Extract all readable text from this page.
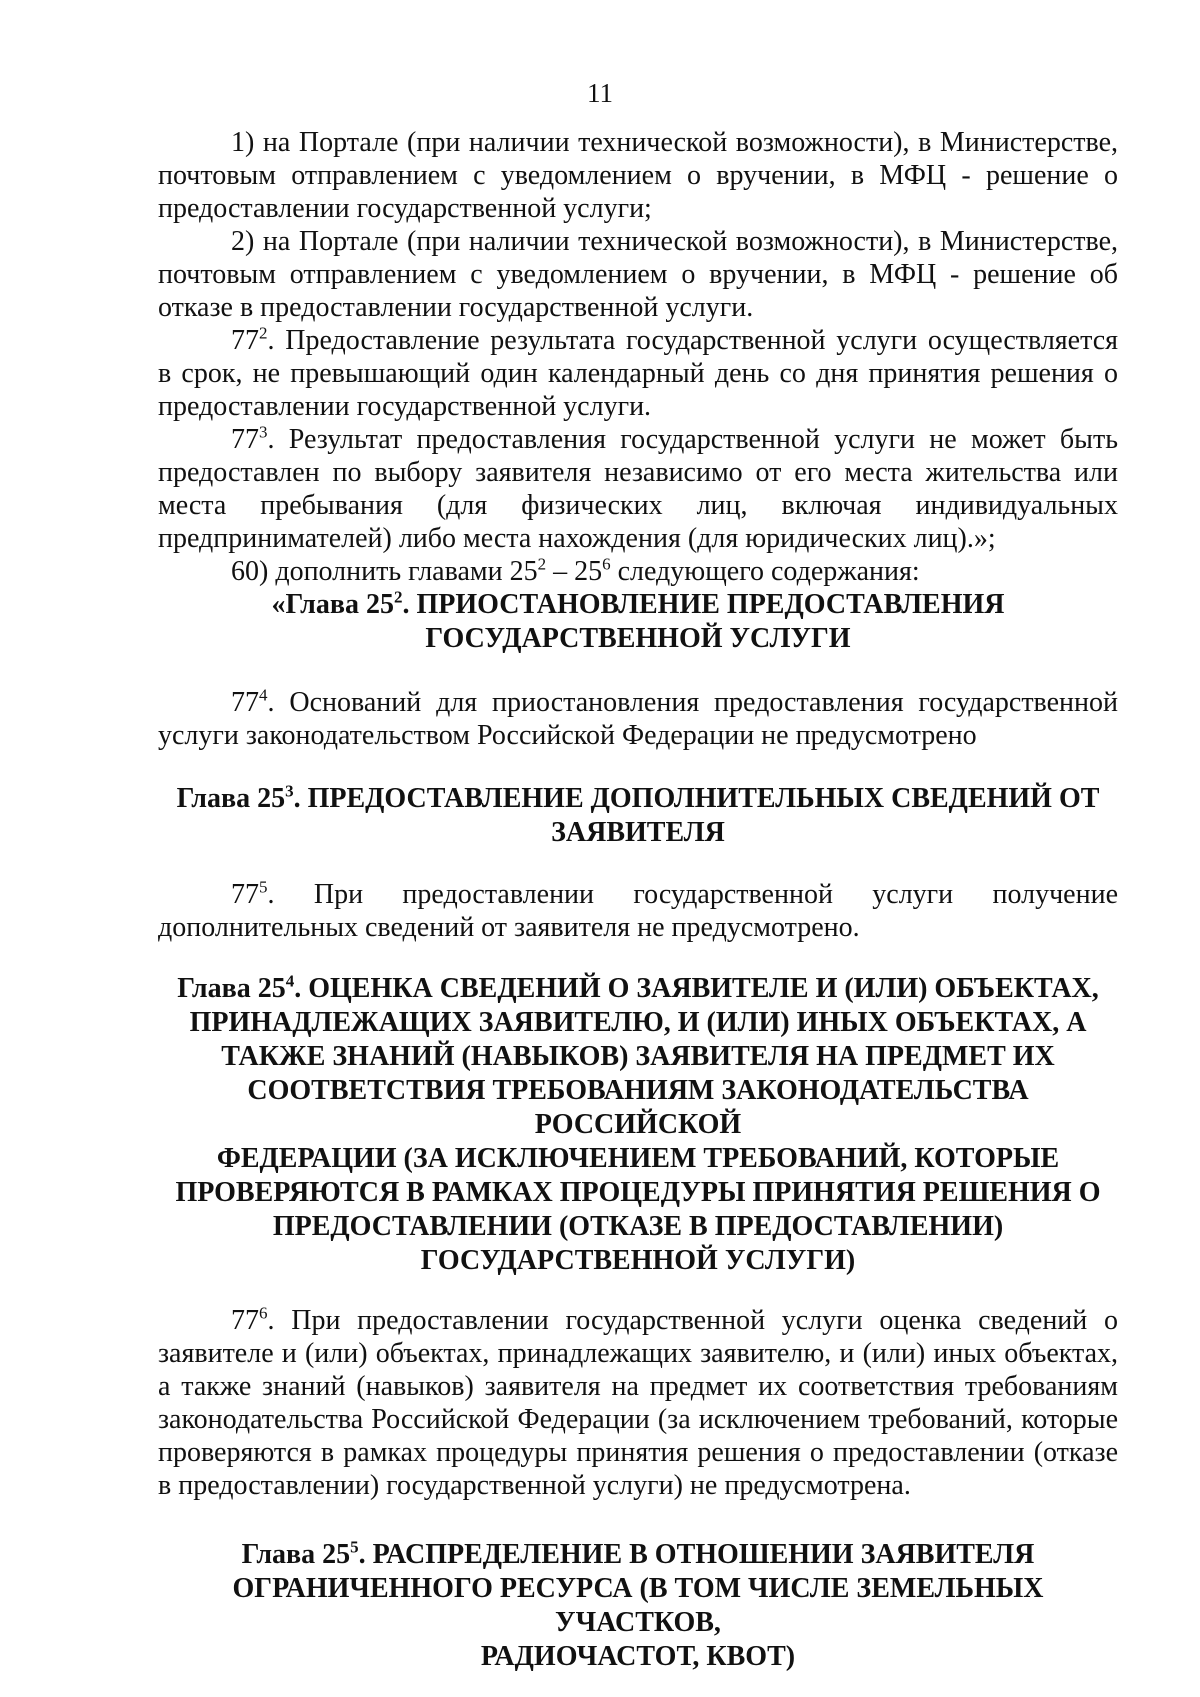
11

1) на Портале (при наличии технической возможности), в Министерстве, почтовым отправлением с уведомлением о вручении, в МФЦ - решение о предоставлении государственной услуги;

2) на Портале (при наличии технической возможности), в Министерстве, почтовым отправлением с уведомлением о вручении, в МФЦ - решение об отказе в предоставлении государственной услуги.

$77^2$. Предоставление результата государственной услуги осуществляется в срок, не превышающий один календарный день со дня принятия решения о предоставлении государственной услуги.

$77^3$. Результат предоставления государственной услуги не может быть предоставлен по выбору заявителя независимо от его места жительства или места пребывания (для физических лиц, включая индивидуальных предпринимателей) либо места нахождения (для юридических лиц).»;

60) дополнить главами $25^2 - 25^6$ следующего содержания:

«Глава $25^2$. ПРИОСТАНОВЛЕНИЕ ПРЕДОСТАВЛЕНИЯ
ГОСУДАРСТВЕННОЙ УСЛУГИ

$77^4$. Оснований для приостановления предоставления государственной услуги законодательством Российской Федерации не предусмотрено

Глава $25^3$. ПРЕДОСТАВЛЕНИЕ ДОПОЛНИТЕЛЬНЫХ СВЕДЕНИЙ ОТ
ЗАЯВИТЕЛЯ

$77^5$. При предоставлении государственной услуги получение дополнительных сведений от заявителя не предусмотрено.

Глава $25^4$. ОЦЕНКА СВЕДЕНИЙ О ЗАЯВИТЕЛЕ И (ИЛИ) ОБЪЕКТАХ,
ПРИНАДЛЕЖАЩИХ ЗАЯВИТЕЛЮ, И (ИЛИ) ИНЫХ ОБЪЕКТАХ, А
ТАКЖЕ ЗНАНИЙ (НАВЫКОВ) ЗАЯВИТЕЛЯ НА ПРЕДМЕТ ИХ
СООТВЕТСТВИЯ ТРЕБОВАНИЯМ ЗАКОНОДАТЕЛЬСТВА РОССИЙСКОЙ
ФЕДЕРАЦИИ (ЗА ИСКЛЮЧЕНИЕМ ТРЕБОВАНИЙ, КОТОРЫЕ
ПРОВЕРЯЮТСЯ В РАМКАХ ПРОЦЕДУРЫ ПРИНЯТИЯ РЕШЕНИЯ О
ПРЕДОСТАВЛЕНИИ (ОТКАЗЕ В ПРЕДОСТАВЛЕНИИ)
ГОСУДАРСТВЕННОЙ УСЛУГИ)

$77^6$. При предоставлении государственной услуги оценка сведений о заявителе и (или) объектах, принадлежащих заявителю, и (или) иных объектах, а также знаний (навыков) заявителя на предмет их соответствия требованиям законодательства Российской Федерации (за исключением требований, которые проверяются в рамках процедуры принятия решения о предоставлении (отказе в предоставлении) государственной услуги) не предусмотрена.

Глава $25^5$. РАСПРЕДЕЛЕНИЕ В ОТНОШЕНИИ ЗАЯВИТЕЛЯ
ОГРАНИЧЕННОГО РЕСУРСА (В ТОМ ЧИСЛЕ ЗЕМЕЛЬНЫХ УЧАСТКОВ,
РАДИОЧАСТОТ, КВОТ)
